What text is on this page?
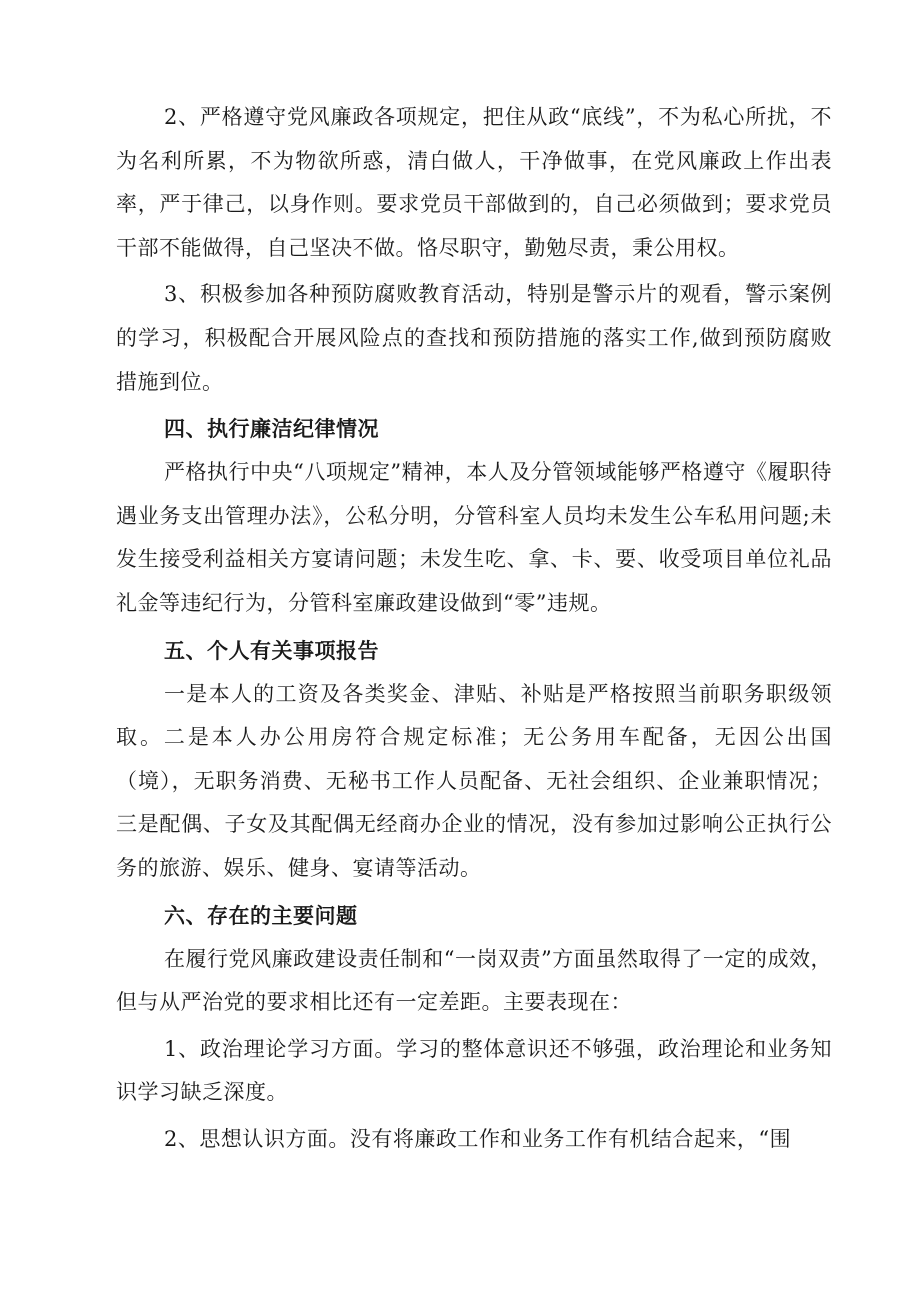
2、严格遵守党风廉政各项规定，把住从政“底线”，不为私心所扰，不为名利所累，不为物欲所惑，清白做人，干净做事，在党风廉政上作出表率，严于律己，以身作则。要求党员干部做到的，自己必须做到；要求党员干部不能做得，自己坚决不做。恪尽职守，勤勉尽责，秉公用权。

3、积极参加各种预防腐败教育活动，特别是警示片的观看，警示案例的学习，积极配合开展风险点的查找和预防措施的落实工作,做到预防腐败措施到位。

四、执行廉洁纪律情况

严格执行中央“八项规定”精神，本人及分管领域能够严格遵守《履职待遇业务支出管理办法》，公私分明，分管科室人员均未发生公车私用问题;未发生接受利益相关方宴请问题；未发生吃、拿、卡、要、收受项目单位礼品礼金等违纪行为，分管科室廉政建设做到“零”违规。

五、个人有关事项报告

一是本人的工资及各类奖金、津贴、补贴是严格按照当前职务职级领取。二是本人办公用房符合规定标准；无公务用车配备，无因公出国（境），无职务消费、无秘书工作人员配备、无社会组织、企业兼职情况；三是配偶、子女及其配偶无经商办企业的情况，没有参加过影响公正执行公务的旅游、娱乐、健身、宴请等活动。

六、存在的主要问题

在履行党风廉政建设责任制和“一岗双责”方面虽然取得了一定的成效，但与从严治党的要求相比还有一定差距。主要表现在：

1、政治理论学习方面。学习的整体意识还不够强，政治理论和业务知识学习缺乏深度。

2、思想认识方面。没有将廉政工作和业务工作有机结合起来，“围
